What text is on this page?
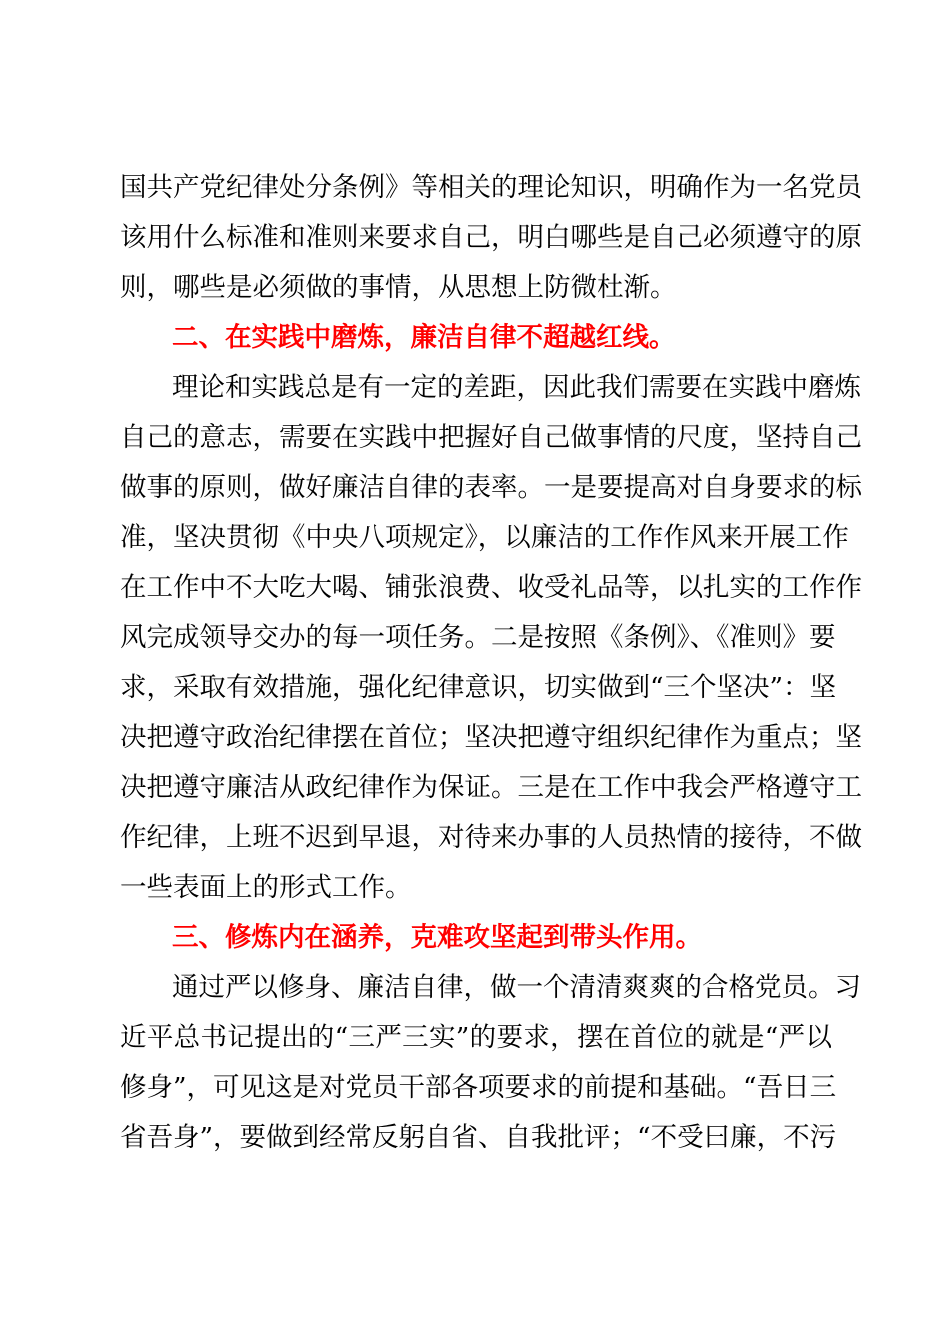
国共产党纪律处分条例》等相关的理论知识，明确作为一名党员
该用什么标准和准则来要求自己，明白哪些是自己必须遵守的原
则，哪些是必须做的事情，从思想上防微杜渐。
二、在实践中磨炼，廉洁自律不超越红线。
理论和实践总是有一定的差距，因此我们需要在实践中磨炼
自己的意志，需要在实践中把握好自己做事情的尺度，坚持自己
做事的原则，做好廉洁自律的表率。一是要提高对自身要求的标
准，坚决贯彻《中央八项规定》，以廉洁的工作作风来开展工作
在工作中不大吃大喝、铺张浪费、收受礼品等，以扎实的工作作
风完成领导交办的每一项任务。二是按照《条例》、《准则》要
求，采取有效措施，强化纪律意识，切实做到“三个坚决”：坚
决把遵守政治纪律摆在首位；坚决把遵守组织纪律作为重点；坚
决把遵守廉洁从政纪律作为保证。三是在工作中我会严格遵守工
作纪律，上班不迟到早退，对待来办事的人员热情的接待，不做
一些表面上的形式工作。
三、修炼内在涵养，克难攻坚起到带头作用。
通过严以修身、廉洁自律，做一个清清爽爽的合格党员。习
近平总书记提出的“三严三实”的要求，摆在首位的就是“严以
修身”，可见这是对党员干部各项要求的前提和基础。“吾日三
省吾身”，要做到经常反躬自省、自我批评；“不受曰廉，不污
